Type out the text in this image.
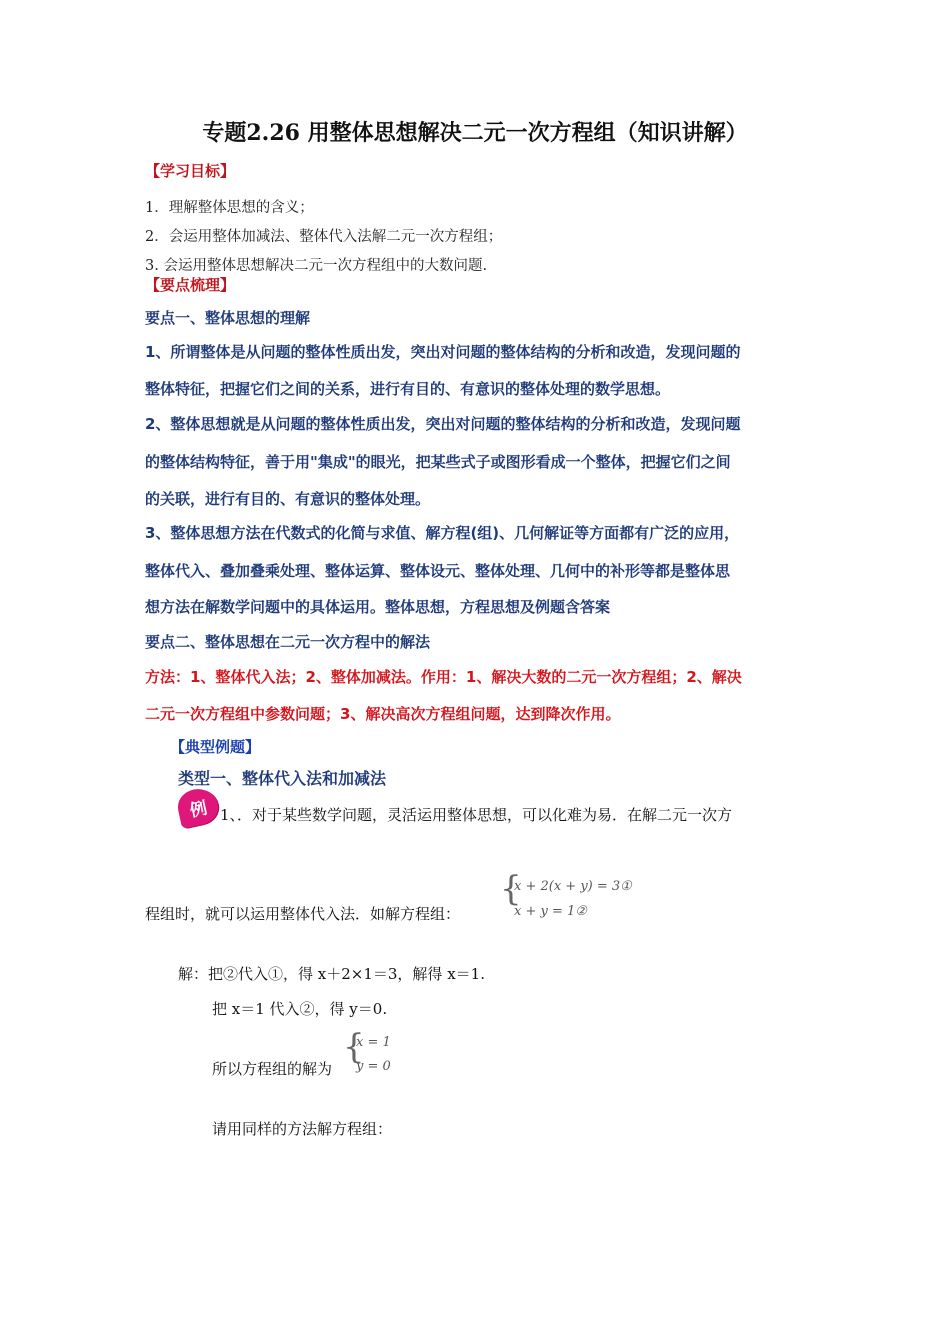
专题2.26 用整体思想解决二元一次方程组（知识讲解）
【学习目标】
1．理解整体思想的含义；
2．会运用整体加减法、整体代入法解二元一次方程组；
3. 会运用整体思想解决二元一次方程组中的大数问题.
【要点梳理】
要点一、整体思想的理解
1、所谓整体是从问题的整体性质出发，突出对问题的整体结构的分析和改造，发现问题的
整体特征，把握它们之间的关系，进行有目的、有意识的整体处理的数学思想。
2、整体思想就是从问题的整体性质出发，突出对问题的整体结构的分析和改造，发现问题
的整体结构特征，善于用"集成"的眼光，把某些式子或图形看成一个整体，把握它们之间
的关联，进行有目的、有意识的整体处理。
3、整体思想方法在代数式的化简与求值、解方程(组)、几何解证等方面都有广泛的应用，
整体代入、叠加叠乘处理、整体运算、整体设元、整体处理、几何中的补形等都是整体思
想方法在解数学问题中的具体运用。整体思想，方程思想及例题含答案
要点二、整体思想在二元一次方程中的解法
方法：1、整体代入法；2、整体加减法。作用：1、解决大数的二元一次方程组；2、解决
二元一次方程组中参数问题；3、解决高次方程组问题，达到降次作用。
【典型例题】
类型一、整体代入法和加减法
例 1、．对于某些数学问题，灵活运用整体思想，可以化难为易．在解二元一次方
程组时，就可以运用整体代入法．如解方程组：
{
x + 2(x + y) = 3①
x + y = 1②
解：把②代入①，得 x＋2×1＝3，解得 x＝1.
把 x＝1 代入②，得 y＝0.
所以方程组的解为
{
x = 1
y = 0
请用同样的方法解方程组：
